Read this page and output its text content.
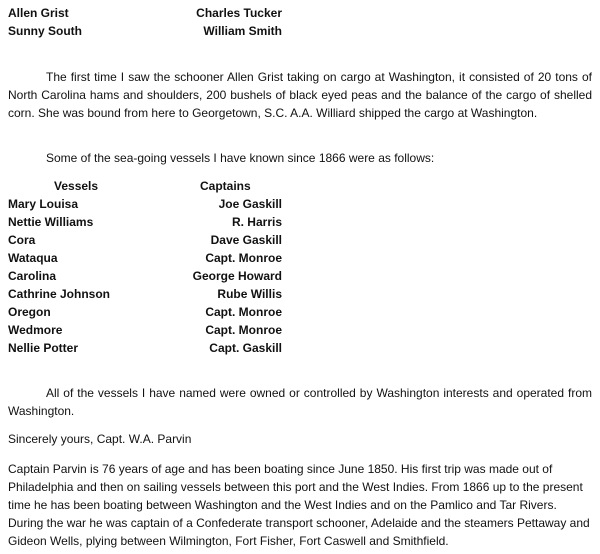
Allen Grist	Charles Tucker
Sunny South	William Smith

The first time I saw the schooner Allen Grist taking on cargo at Washington, it consisted of 20 tons of North Carolina hams and shoulders, 200 bushels of black eyed peas and the balance of the cargo of shelled corn. She was bound from here to Georgetown, S.C. A.A. Williard shipped the cargo at Washington.

Some of the sea-going vessels I have known since 1866 were as follows:

Vessels	Captains
Mary Louisa	Joe Gaskill
Nettie Williams	R. Harris
Cora	Dave Gaskill
Wataqua	Capt. Monroe
Carolina	George Howard
Cathrine Johnson	Rube Willis
Oregon	Capt. Monroe
Wedmore	Capt. Monroe
Nellie Potter	Capt. Gaskill

All of the vessels I have named were owned or controlled by Washington interests and operated from Washington.

Sincerely yours, Capt. W.A. Parvin

Captain Parvin is 76 years of age and has been boating since June 1850. His first trip was made out of Philadelphia and then on sailing vessels between this port and the West Indies. From 1866 up to the present time he has been boating between Washington and the West Indies and on the Pamlico and Tar Rivers. During the war he was captain of a Confederate transport schooner, Adelaide and the steamers Pettaway and Gideon Wells, plying between Wilmington, Fort Fisher, Fort Caswell and Smithfield.
